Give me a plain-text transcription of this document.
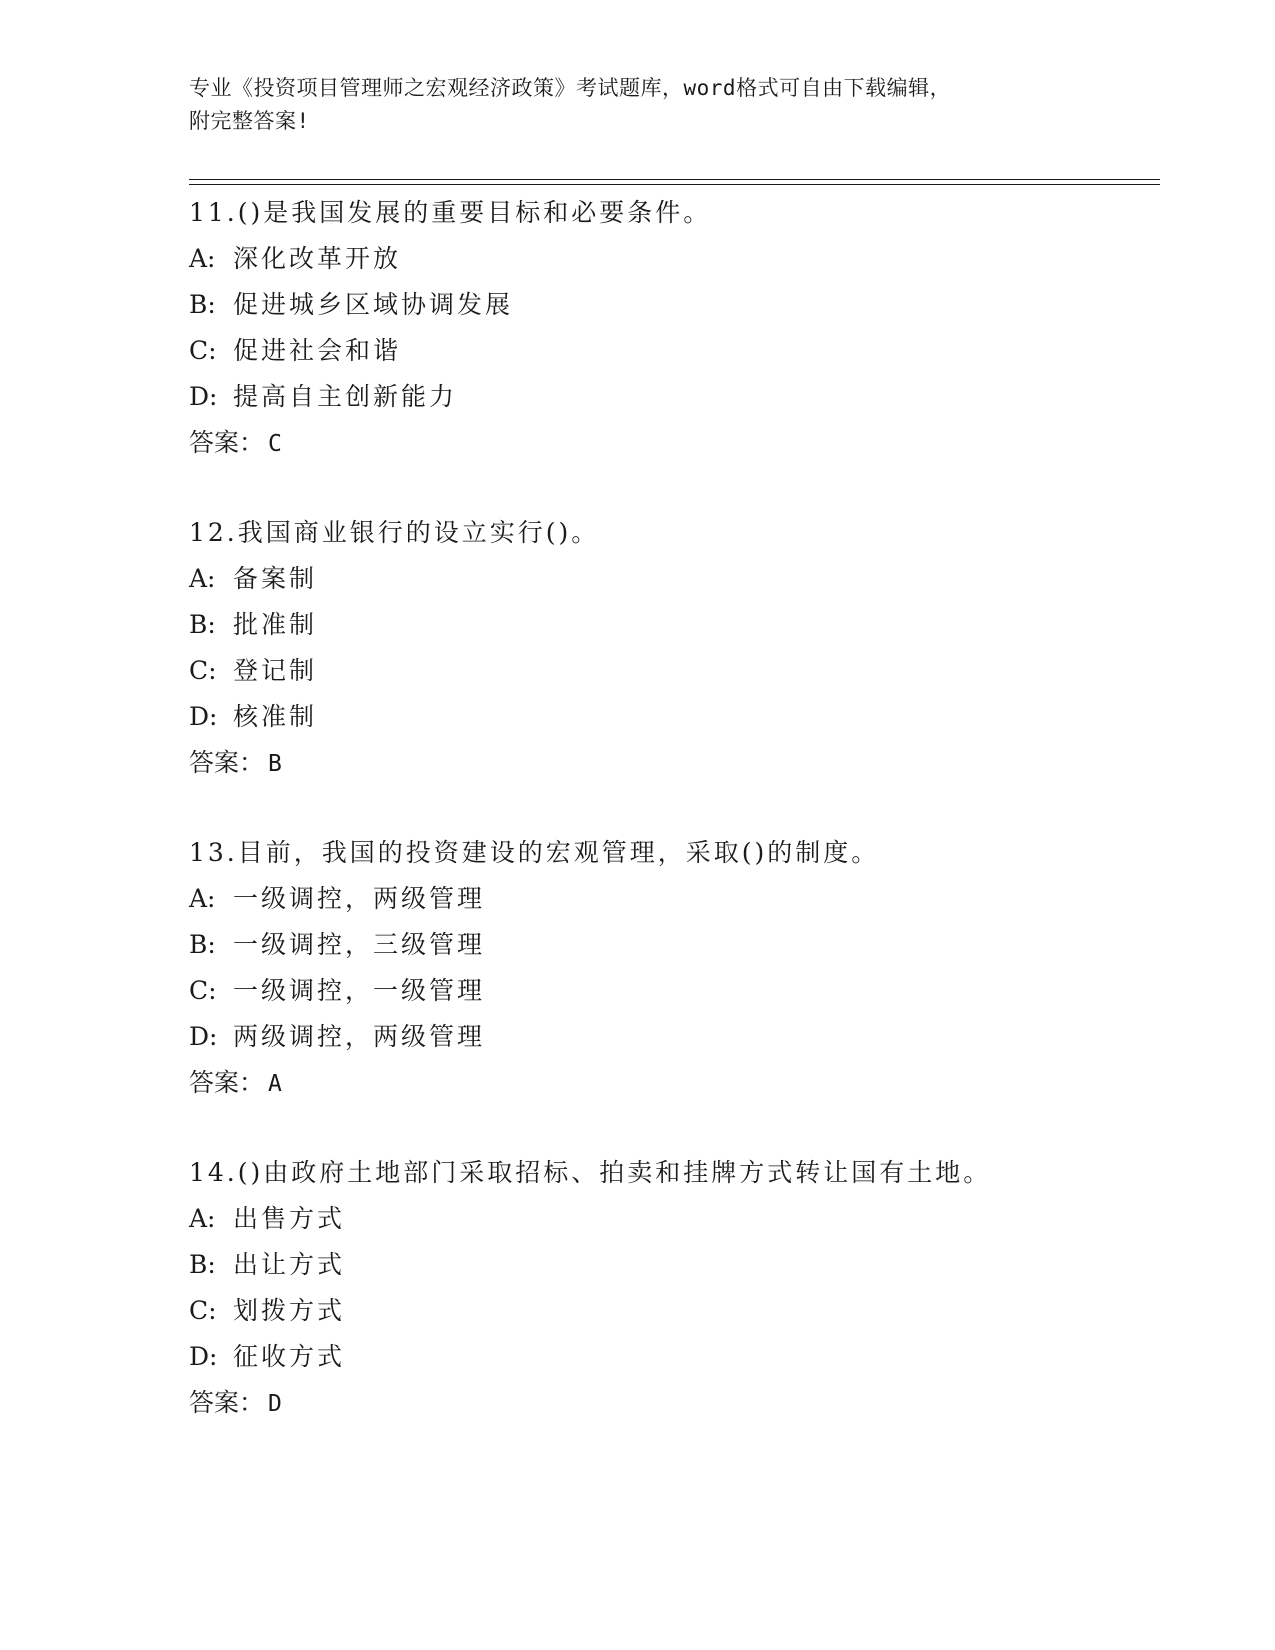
专业《投资项目管理师之宏观经济政策》考试题库，word格式可自由下载编辑，
附完整答案!
11.()是我国发展的重要目标和必要条件。
A: 深化改革开放
B: 促进城乡区域协调发展
C: 促进社会和谐
D: 提高自主创新能力
答案： C
12.我国商业银行的设立实行()。
A: 备案制
B: 批准制
C: 登记制
D: 核准制
答案： B
13.目前，我国的投资建设的宏观管理，采取()的制度。
A: 一级调控，两级管理
B: 一级调控，三级管理
C: 一级调控，一级管理
D: 两级调控，两级管理
答案： A
14.()由政府土地部门采取招标、拍卖和挂牌方式转让国有土地。
A: 出售方式
B: 出让方式
C: 划拨方式
D: 征收方式
答案： D
